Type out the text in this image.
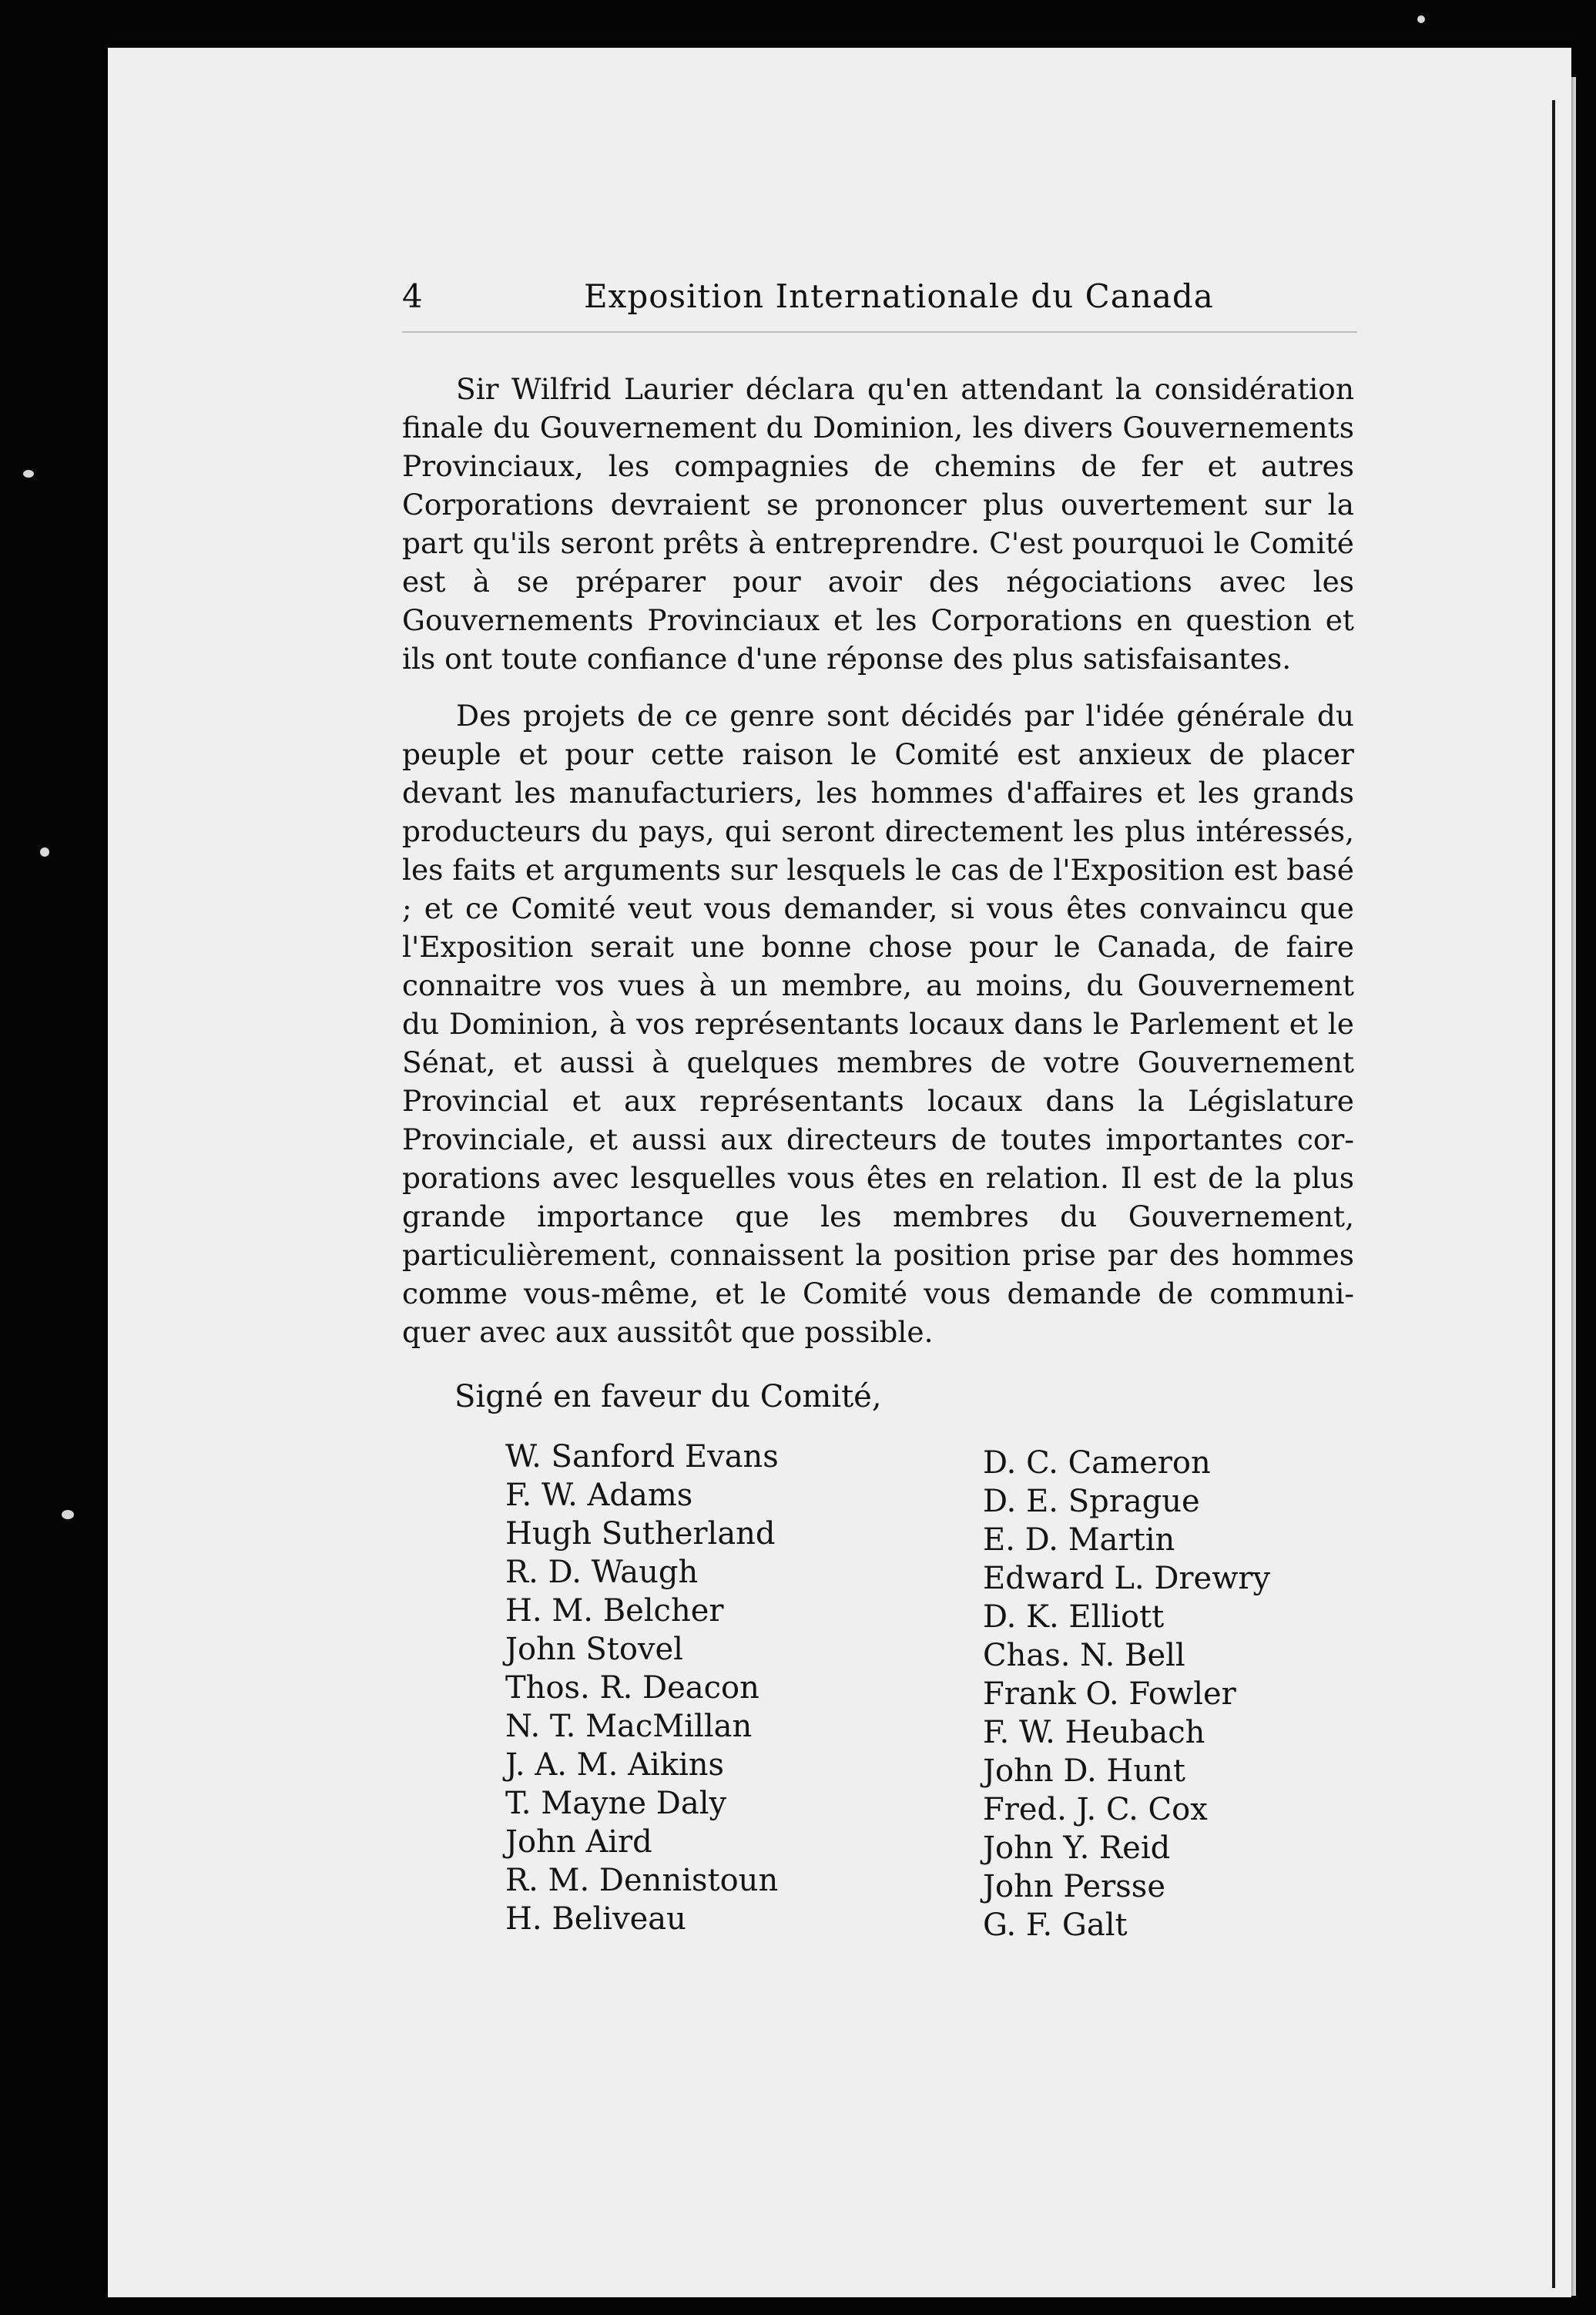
4	Exposition Internationale du Canada

Sir Wilfrid Laurier déclara qu'en attendant la considération finale du Gouvernement du Dominion, les divers Gouvernements Provinciaux, les compagnies de chemins de fer et autres Corporations devraient se prononcer plus ouvertement sur la part qu'ils seront prêts à entreprendre. C'est pourquoi le Comité est à se préparer pour avoir des négociations avec les Gouvernements Provinciaux et les Corporations en question et ils ont toute confiance d'une réponse des plus satisfaisantes.

Des projets de ce genre sont décidés par l'idée générale du peuple et pour cette raison le Comité est anxieux de placer devant les manufacturiers, les hommes d'affaires et les grands producteurs du pays, qui seront directement les plus intéressés, les faits et arguments sur lesquels le cas de l'Exposition est basé ; et ce Comité veut vous demander, si vous êtes convaincu que l'Exposition serait une bonne chose pour le Canada, de faire connaitre vos vues à un membre, au moins, du Gouvernement du Dominion, à vos représentants locaux dans le Parlement et le Sénat, et aussi à quelques membres de votre Gouvernement Provincial et aux représentants locaux dans la Législature Provinciale, et aussi aux directeurs de toutes importantes corporations avec lesquelles vous êtes en relation. Il est de la plus grande importance que les membres du Gouvernement, particulièrement, connaissent la position prise par des hommes comme vous-même, et le Comité vous demande de communiquer avec aux aussitôt que possible.

Signé en faveur du Comité,
W. Sanford Evans
F. W. Adams
Hugh Sutherland
R. D. Waugh
H. M. Belcher
John Stovel
Thos. R. Deacon
N. T. MacMillan
J. A. M. Aikins
T. Mayne Daly
John Aird
R. M. Dennistoun
H. Beliveau
D. C. Cameron
D. E. Sprague
E. D. Martin
Edward L. Drewry
D. K. Elliott
Chas. N. Bell
Frank O. Fowler
F. W. Heubach
John D. Hunt
Fred. J. C. Cox
John Y. Reid
John Persse
G. F. Galt
